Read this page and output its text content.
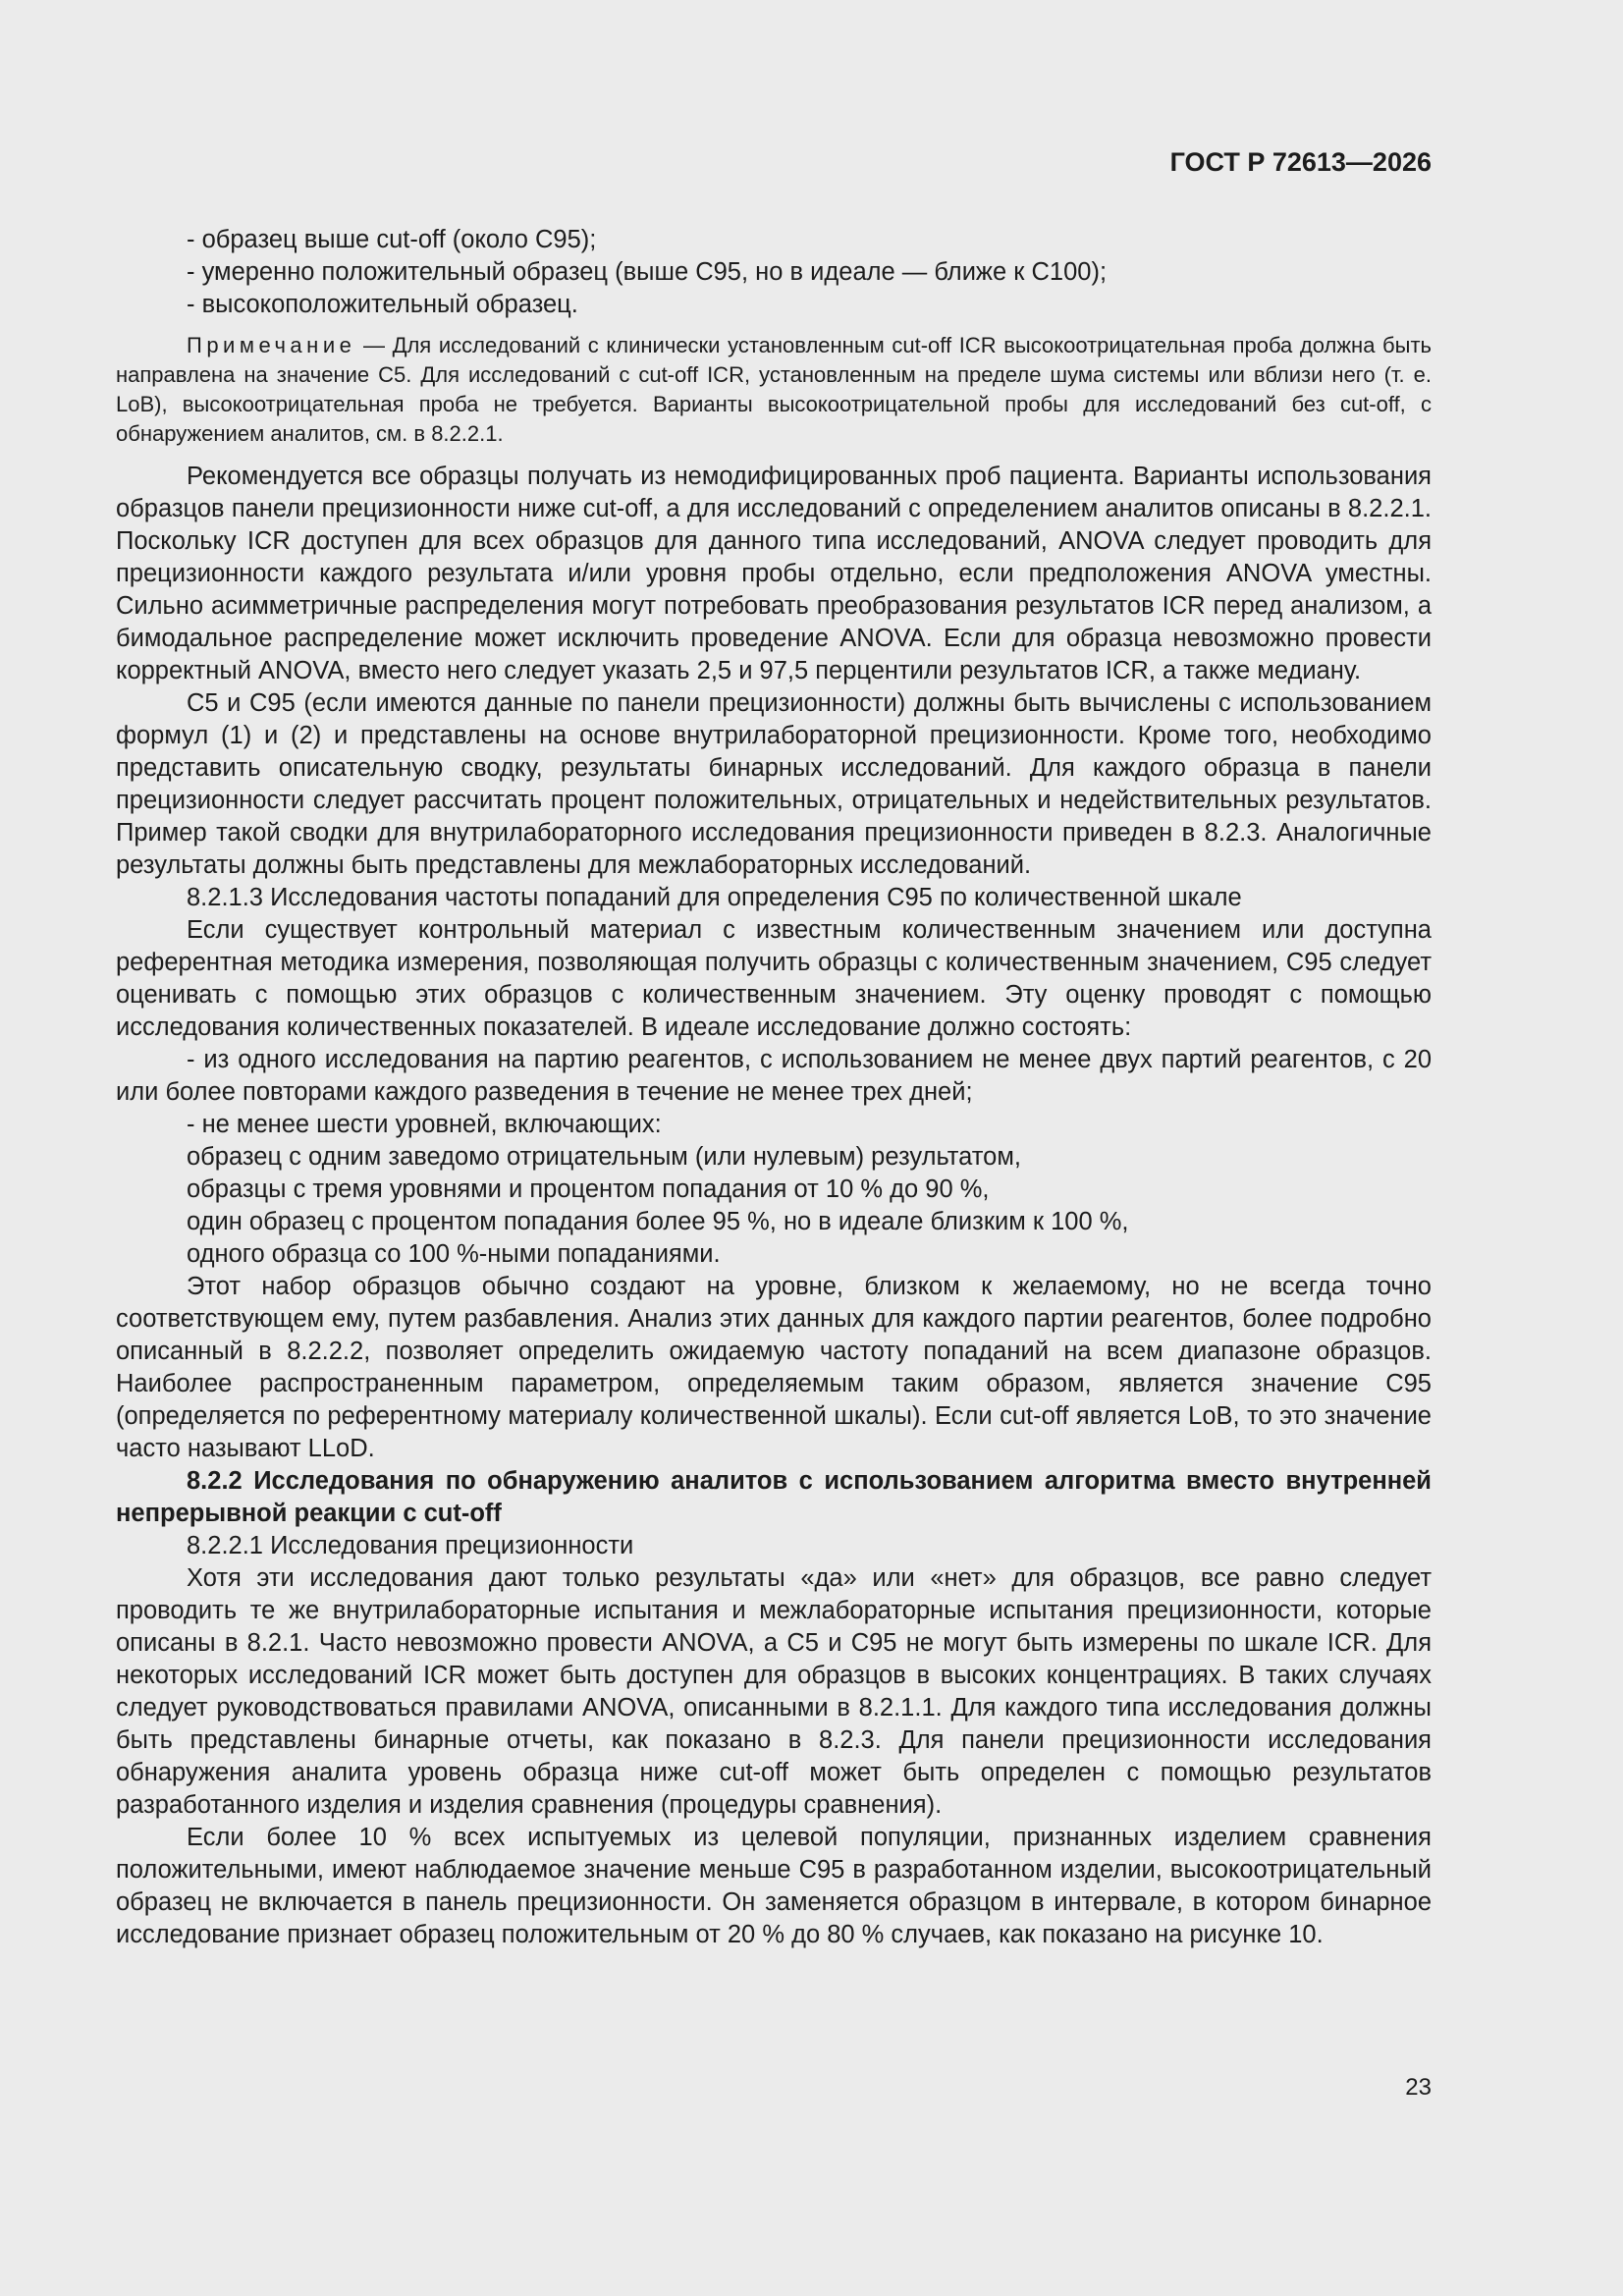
ГОСТ Р 72613—2026

- образец выше cut-off (около С95);

- умеренно положительный образец (выше С95, но в идеале — ближе к С100);

- высокоположительный образец.

Примечание — Для исследований с клинически установленным cut-off ICR высокоотрицательная проба должна быть направлена на значение С5. Для исследований с cut-off ICR, установленным на пределе шума системы или вблизи него (т. е. LoB), высокоотрицательная проба не требуется. Варианты высокоотрицательной пробы для исследований без cut-off, с обнаружением аналитов, см. в 8.2.2.1.

Рекомендуется все образцы получать из немодифицированных проб пациента. Варианты использования образцов панели прецизионности ниже cut-off, а для исследований с определением аналитов описаны в 8.2.2.1. Поскольку ICR доступен для всех образцов для данного типа исследований, ANOVA следует проводить для прецизионности каждого результата и/или уровня пробы отдельно, если предположения ANOVA уместны. Сильно асимметричные распределения могут потребовать преобразования результатов ICR перед анализом, а бимодальное распределение может исключить проведение ANOVA. Если для образца невозможно провести корректный ANOVA, вместо него следует указать 2,5 и 97,5 перцентили результатов ICR, а также медиану.

С5 и С95 (если имеются данные по панели прецизионности) должны быть вычислены с использованием формул (1) и (2) и представлены на основе внутрилабораторной прецизионности. Кроме того, необходимо представить описательную сводку, результаты бинарных исследований. Для каждого образца в панели прецизионности следует рассчитать процент положительных, отрицательных и недействительных результатов. Пример такой сводки для внутрилабораторного исследования прецизионности приведен в 8.2.3. Аналогичные результаты должны быть представлены для межлабораторных исследований.

8.2.1.3 Исследования частоты попаданий для определения С95 по количественной шкале

Если существует контрольный материал с известным количественным значением или доступна референтная методика измерения, позволяющая получить образцы с количественным значением, С95 следует оценивать с помощью этих образцов с количественным значением. Эту оценку проводят с помощью исследования количественных показателей. В идеале исследование должно состоять:

- из одного исследования на партию реагентов, с использованием не менее двух партий реагентов, с 20 или более повторами каждого разведения в течение не менее трех дней;

- не менее шести уровней, включающих:

образец с одним заведомо отрицательным (или нулевым) результатом,

образцы с тремя уровнями и процентом попадания от 10 % до 90 %,

один образец с процентом попадания более 95 %, но в идеале близким к 100 %,

одного образца со 100 %-ными попаданиями.

Этот набор образцов обычно создают на уровне, близком к желаемому, но не всегда точно соответствующем ему, путем разбавления. Анализ этих данных для каждого партии реагентов, более подробно описанный в 8.2.2.2, позволяет определить ожидаемую частоту попаданий на всем диапазоне образцов. Наиболее распространенным параметром, определяемым таким образом, является значение С95 (определяется по референтному материалу количественной шкалы). Если cut-off является LoB, то это значение часто называют LLoD.

8.2.2 Исследования по обнаружению аналитов с использованием алгоритма вместо внутренней непрерывной реакции с cut-off

8.2.2.1 Исследования прецизионности

Хотя эти исследования дают только результаты «да» или «нет» для образцов, все равно следует проводить те же внутрилабораторные испытания и межлабораторные испытания прецизионности, которые описаны в 8.2.1. Часто невозможно провести ANOVA, а С5 и С95 не могут быть измерены по шкале ICR. Для некоторых исследований ICR может быть доступен для образцов в высоких концентрациях. В таких случаях следует руководствоваться правилами ANOVA, описанными в 8.2.1.1. Для каждого типа исследования должны быть представлены бинарные отчеты, как показано в 8.2.3. Для панели прецизионности исследования обнаружения аналита уровень образца ниже cut-off может быть определен с помощью результатов разработанного изделия и изделия сравнения (процедуры сравнения).

Если более 10 % всех испытуемых из целевой популяции, признанных изделием сравнения положительными, имеют наблюдаемое значение меньше С95 в разработанном изделии, высокоотрицательный образец не включается в панель прецизионности. Он заменяется образцом в интервале, в котором бинарное исследование признает образец положительным от 20 % до 80 % случаев, как показано на рисунке 10.

23
